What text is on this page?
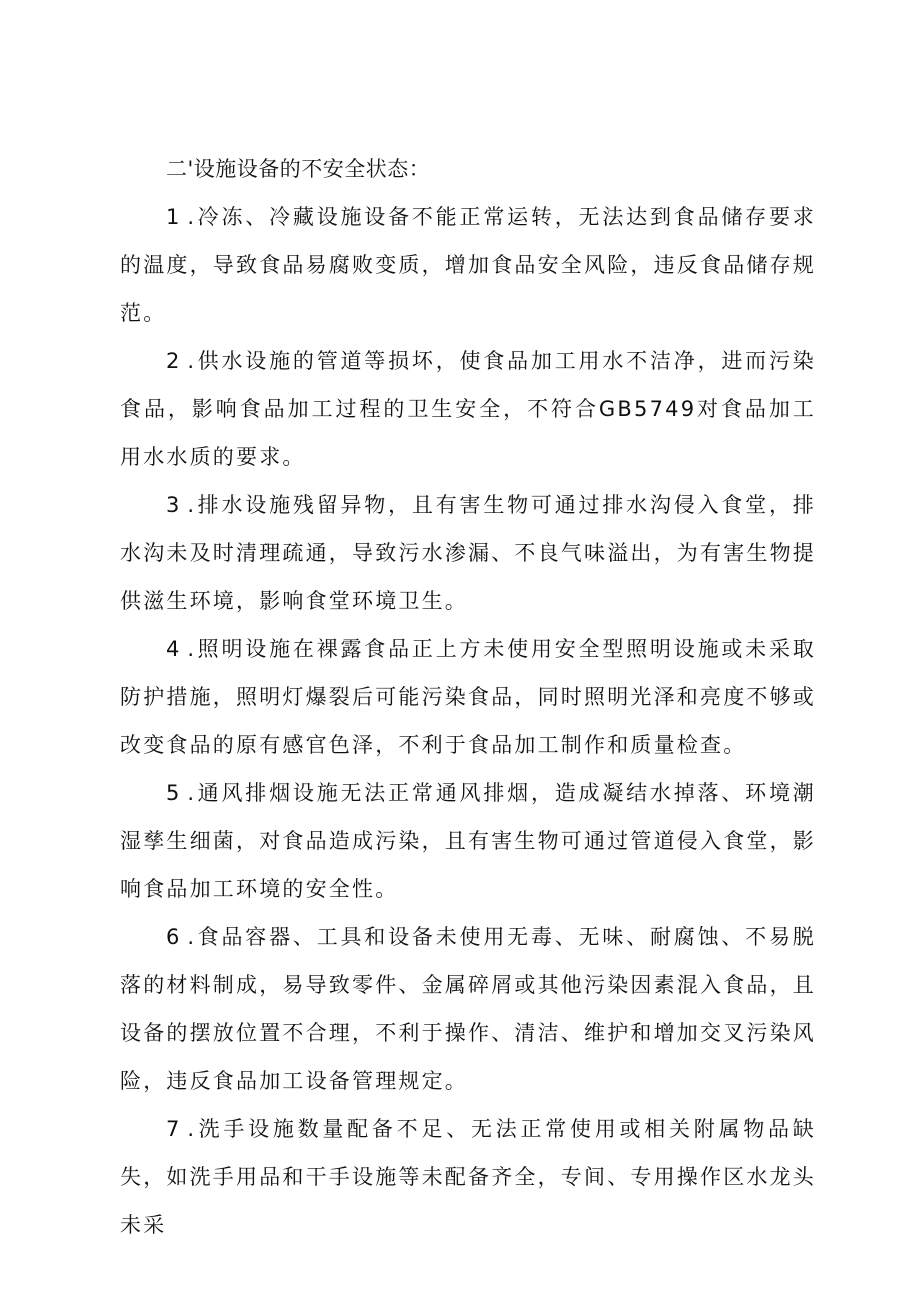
二'设施设备的不安全状态：

1.冷冻、冷藏设施设备不能正常运转，无法达到食品储存要求的温度，导致食品易腐败变质，增加食品安全风险，违反食品储存规范。

2.供水设施的管道等损坏，使食品加工用水不洁净，进而污染食品，影响食品加工过程的卫生安全，不符合GB5749对食品加工用水水质的要求。

3.排水设施残留异物，且有害生物可通过排水沟侵入食堂，排水沟未及时清理疏通，导致污水渗漏、不良气味溢出，为有害生物提供滋生环境，影响食堂环境卫生。

4.照明设施在裸露食品正上方未使用安全型照明设施或未采取防护措施，照明灯爆裂后可能污染食品，同时照明光泽和亮度不够或改变食品的原有感官色泽，不利于食品加工制作和质量检查。

5.通风排烟设施无法正常通风排烟，造成凝结水掉落、环境潮湿孳生细菌，对食品造成污染，且有害生物可通过管道侵入食堂，影响食品加工环境的安全性。

6.食品容器、工具和设备未使用无毒、无味、耐腐蚀、不易脱落的材料制成，易导致零件、金属碎屑或其他污染因素混入食品，且设备的摆放位置不合理，不利于操作、清洁、维护和增加交叉污染风险，违反食品加工设备管理规定。

7.洗手设施数量配备不足、无法正常使用或相关附属物品缺失，如洗手用品和干手设施等未配备齐全，专间、专用操作区水龙头未采
